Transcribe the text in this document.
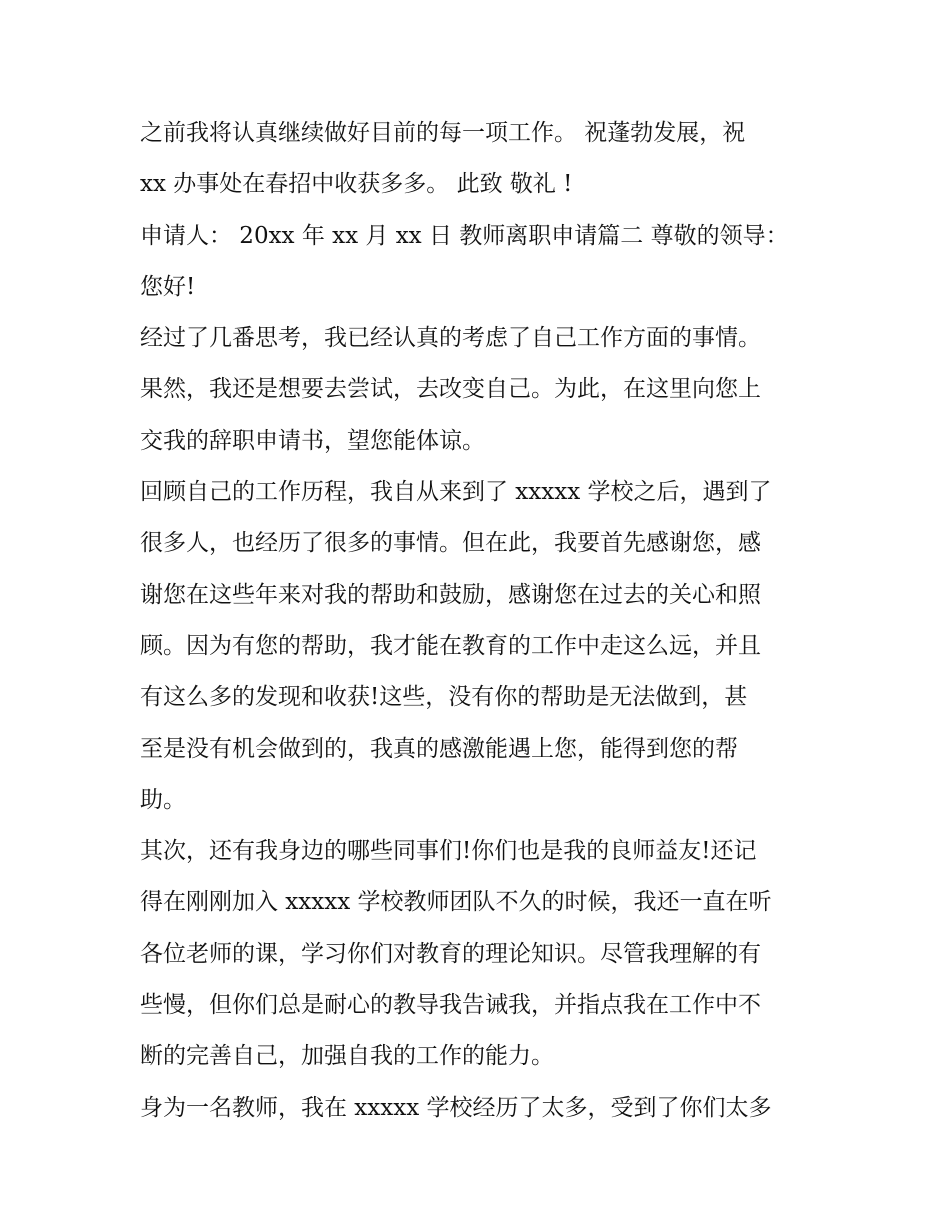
之前我将认真继续做好目前的每一项工作。 祝蓬勃发展，祝
xx 办事处在春招中收获多多。 此致 敬礼 !
申请人： 20xx 年 xx 月 xx 日 教师离职申请篇二 尊敬的领导：
您好!
经过了几番思考，我已经认真的考虑了自己工作方面的事情。
果然，我还是想要去尝试，去改变自己。为此，在这里向您上
交我的辞职申请书，望您能体谅。
回顾自己的工作历程，我自从来到了 xxxxx 学校之后，遇到了
很多人，也经历了很多的事情。但在此，我要首先感谢您，感
谢您在这些年来对我的帮助和鼓励，感谢您在过去的关心和照
顾。因为有您的帮助，我才能在教育的工作中走这么远，并且
有这么多的发现和收获!这些，没有你的帮助是无法做到，甚
至是没有机会做到的，我真的感激能遇上您，能得到您的帮
助。
其次，还有我身边的哪些同事们!你们也是我的良师益友!还记
得在刚刚加入 xxxxx 学校教师团队不久的时候，我还一直在听
各位老师的课，学习你们对教育的理论知识。尽管我理解的有
些慢，但你们总是耐心的教导我告诫我，并指点我在工作中不
断的完善自己，加强自我的工作的能力。
身为一名教师，我在 xxxxx 学校经历了太多，受到了你们太多
